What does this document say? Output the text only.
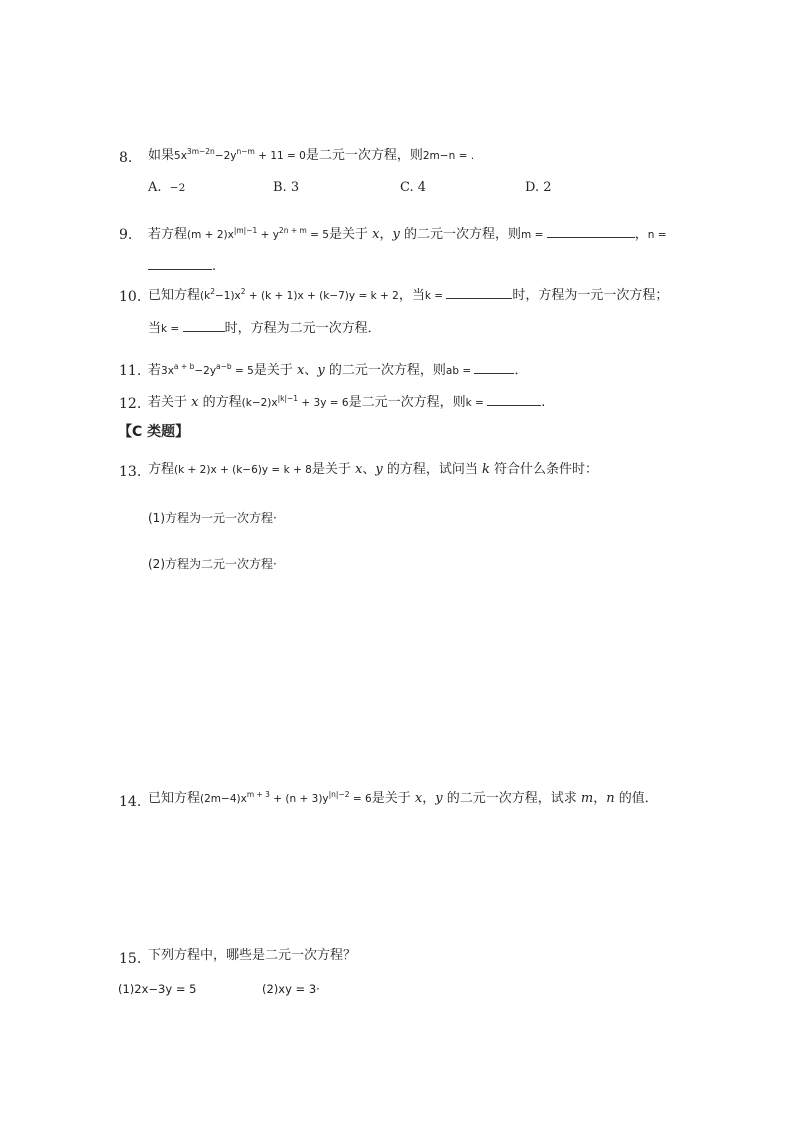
8. 如果$5x^{3m-2n}-2y^{n-m} + 11 = 0$是二元一次方程，则2m−n = .
A. −2	B. 3	C. 4	D. 2
9. 若方程$(m + 2)x^{|m|-1} + y^{2n + m} = 5$是关于 x，y 的二元一次方程，则m =	，n =
.
10. 已知方程$(k^2-1)x^2 + (k + 1)x + (k-7)y = k + 2$，当k =	时，方程为一元一次方程；
当k =	时，方程为二元一次方程．
11. 若$3x^{a + b}-2y^{a-b} = 5$是关于 x、y 的二元一次方程，则ab =	．
12. 若关于 x 的方程$(k-2)x^{|k|-1} + 3y = 6$是二元一次方程，则k =	.
【C 类题】
13. 方程(k + 2)x + (k−6)y = k + 8是关于 x、y 的方程，试问当 k 符合什么条件时：
(1)方程为一元一次方程·
(2)方程为二元一次方程·
14. 已知方程$(2m-4)x^{m + 3} + (n + 3)y^{|n|-2} = 6$是关于 x，y 的二元一次方程，试求 m，n 的值．
15. 下列方程中，哪些是二元一次方程？
(1)2x−3y = 5	(2)xy = 3·
